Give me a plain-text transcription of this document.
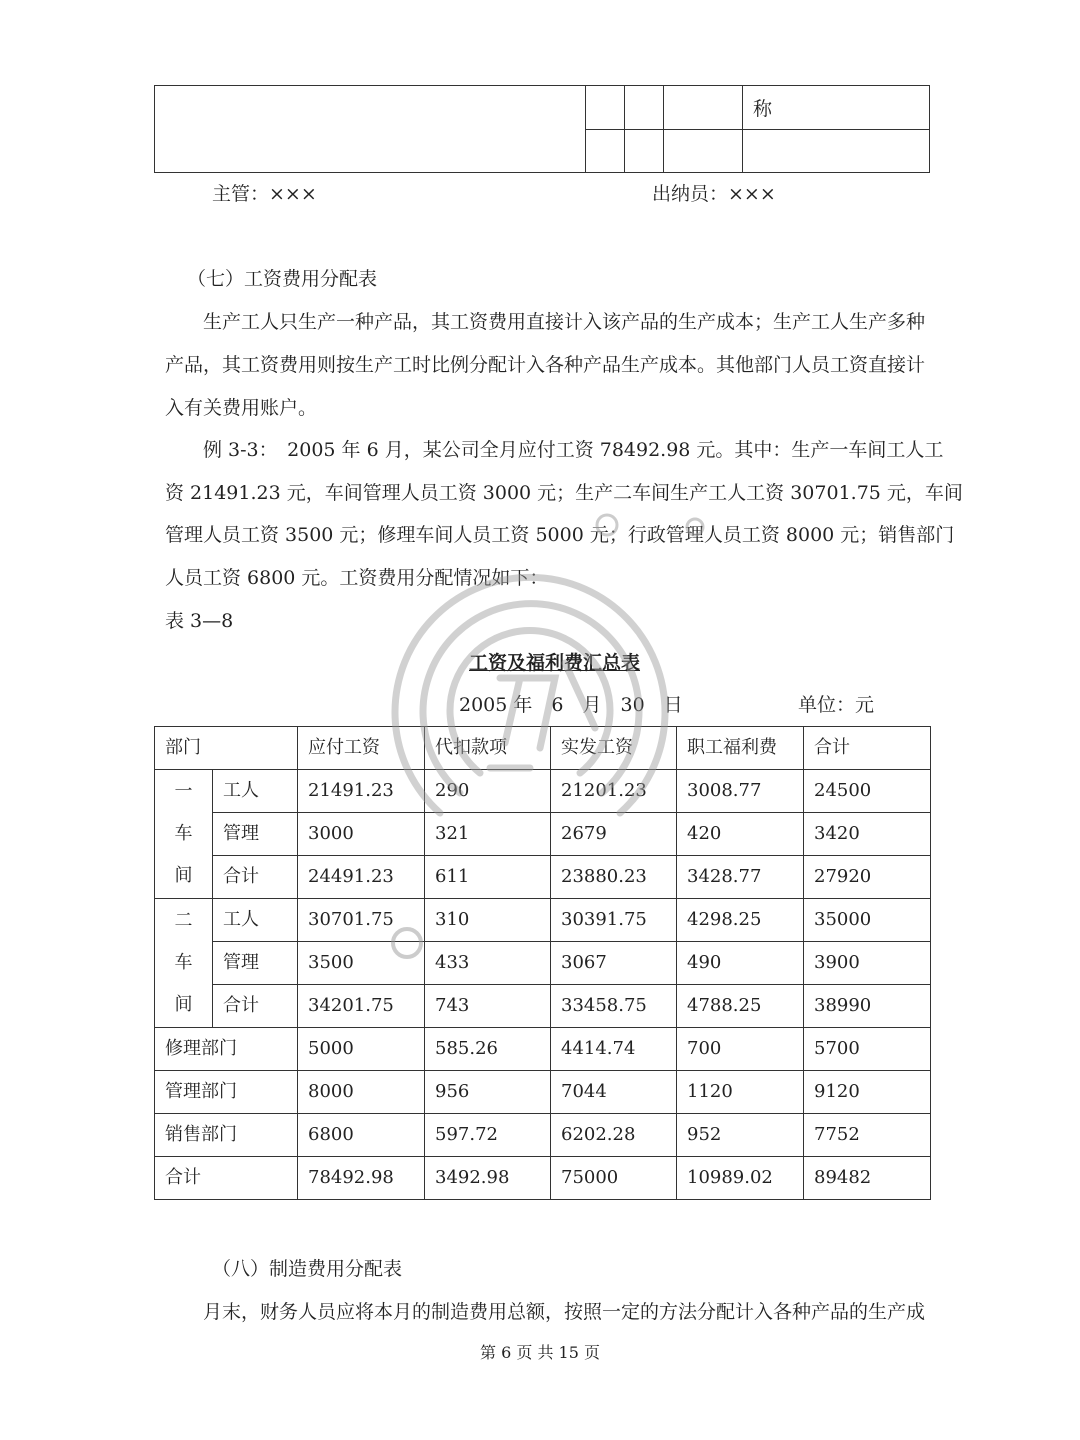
				称

主管：×××	出纳员：×××
（七）工资费用分配表
生产工人只生产一种产品，其工资费用直接计入该产品的生产成本；生产工人生产多种
产品，其工资费用则按生产工时比例分配计入各种产品生产成本。其他部门人员工资直接计
入有关费用账户。
例 3-3：　2005 年 6 月，某公司全月应付工资 78492.98 元。其中：生产一车间工人工
资 21491.23 元，车间管理人员工资 3000 元；生产二车间生产工人工资 30701.75 元，车间
管理人员工资 3500 元；修理车间人员工资 5000 元；行政管理人员工资 8000 元；销售部门
人员工资 6800 元。工资费用分配情况如下：
表 3—8
工资及福利费汇总表
2005 年　6　月　30　日	单位：元
部门		应付工资	代扣款项	实发工资	职工福利费	合计

一
车
间	工人	21491.23	290	21201.23	3008.77	24500
	管理	3000	321	2679	420	3420
	合计	24491.23	611	23880.23	3428.77	27920

二
车
间	工人	30701.75	310	30391.75	4298.25	35000
	管理	3500	433	3067	490	3900
	合计	34201.75	743	33458.75	4788.25	38990
修理部门		5000	585.26	4414.74	700	5700
管理部门		8000	956	7044	1120	9120
销售部门		6800	597.72	6202.28	952	7752
合计		78492.98	3492.98	75000	10989.02	89482
（八）制造费用分配表
月末，财务人员应将本月的制造费用总额，按照一定的方法分配计入各种产品的生产成
第 6 页 共 15 页
